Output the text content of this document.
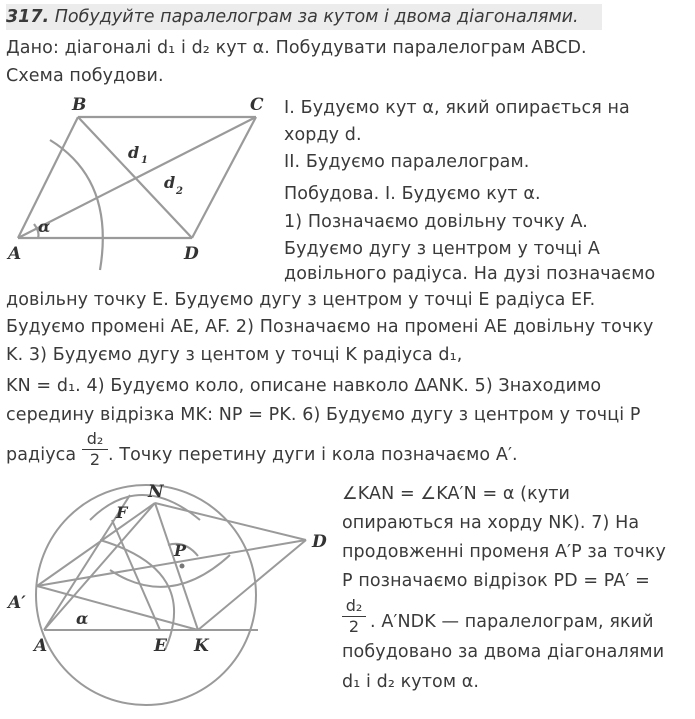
317. Побудуйте паралелограм за кутом і двома діагоналями.
Дано: діагоналі d₁ і d₂ кут α. Побудувати паралелограм ABCD.
Схема побудови.
I. Будуємо кут α, який опирається на
хорду d.
II. Будуємо паралелограм.
Побудова. I. Будуємо кут α.
1) Позначаємо довільну точку A.
Будуємо дугу з центром у точці A
довільного радіуса. На дузі позначаємо
довільну точку E. Будуємо дугу з центром у точці E радіуса EF.
Будуємо промені AE, AF. 2) Позначаємо на промені AE довільну точку
K. 3) Будуємо дугу з центом у точці K радіуса d₁,
KN = d₁. 4) Будуємо коло, описане навколо ΔANK. 5) Знаходимо
середину відрізка MK: NP = PK. 6) Будуємо дугу з центром у точці P
радіуса
d₂
2 . Точку перетину дуги і кола позначаємо A′.
∠KAN = ∠KA′N = α (кути
опираються на хорду NK). 7) На
продовженні променя A′P за точку
P позначаємо відрізок PD = PA′ =
d₂
2 . A′NDK — паралелограм, який
побудовано за двома діагоналями
d₁ і d₂ кутом α.
B	C
A	D
α
d 1
d 2
N
F
P	D
A′
α
A	E K
